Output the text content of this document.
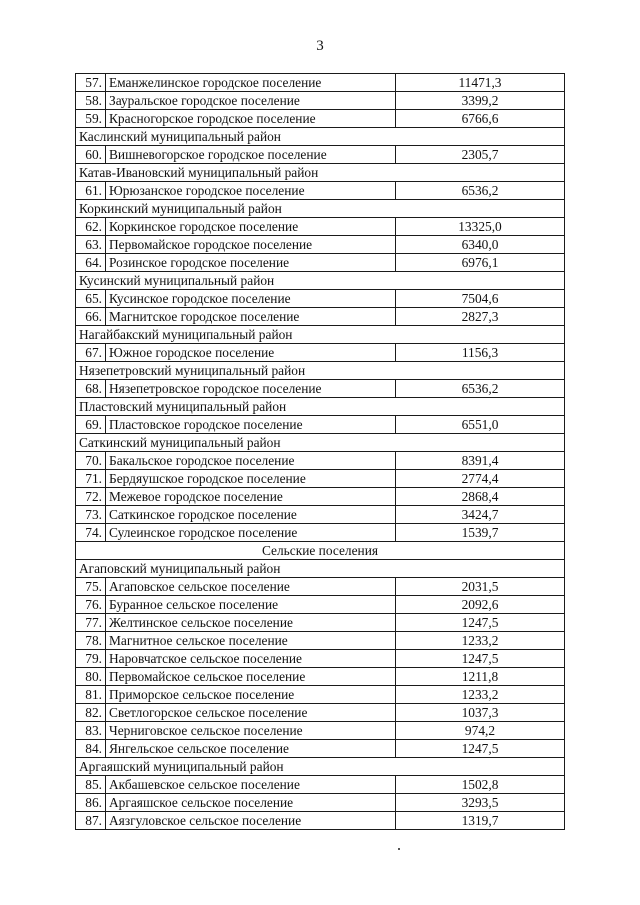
3
57.	Еманжелинское городское поселение	11471,3
58.	Зауральское городское поселение	3399,2
59.	Красногорское городское поселение	6766,6
Каслинский муниципальный район		
60.	Вишневогорское городское поселение	2305,7
Катав-Ивановский муниципальный район		
61.	Юрюзанское городское поселение	6536,2
Коркинский муниципальный район		
62.	Коркинское городское поселение	13325,0
63.	Первомайское городское поселение	6340,0
64.	Розинское городское поселение	6976,1
Кусинский муниципальный район		
65.	Кусинское городское поселение	7504,6
66.	Магнитское городское поселение	2827,3
Нагайбакский муниципальный район		
67.	Южное городское поселение	1156,3
Нязепетровский муниципальный район		
68.	Нязепетровское городское поселение	6536,2
Пластовский муниципальный район		
69.	Пластовское городское поселение	6551,0
Саткинский муниципальный район		
70.	Бакальское городское поселение	8391,4
71.	Бердяушское городское поселение	2774,4
72.	Межевое городское поселение	2868,4
73.	Саткинское городское поселение	3424,7
74.	Сулеинское городское поселение	1539,7
Сельские поселения		
Агаповский муниципальный район		
75.	Агаповское сельское поселение	2031,5
76.	Буранное сельское поселение	2092,6
77.	Желтинское сельское поселение	1247,5
78.	Магнитное сельское поселение	1233,2
79.	Наровчатское сельское поселение	1247,5
80.	Первомайское сельское поселение	1211,8
81.	Приморское сельское поселение	1233,2
82.	Светлогорское сельское поселение	1037,3
83.	Черниговское сельское поселение	974,2
84.	Янгельское сельское поселение	1247,5
Аргаяшский муниципальный район		
85.	Акбашевское сельское поселение	1502,8
86.	Аргаяшское сельское поселение	3293,5
87.	Аязгуловское сельское поселение	1319,7
